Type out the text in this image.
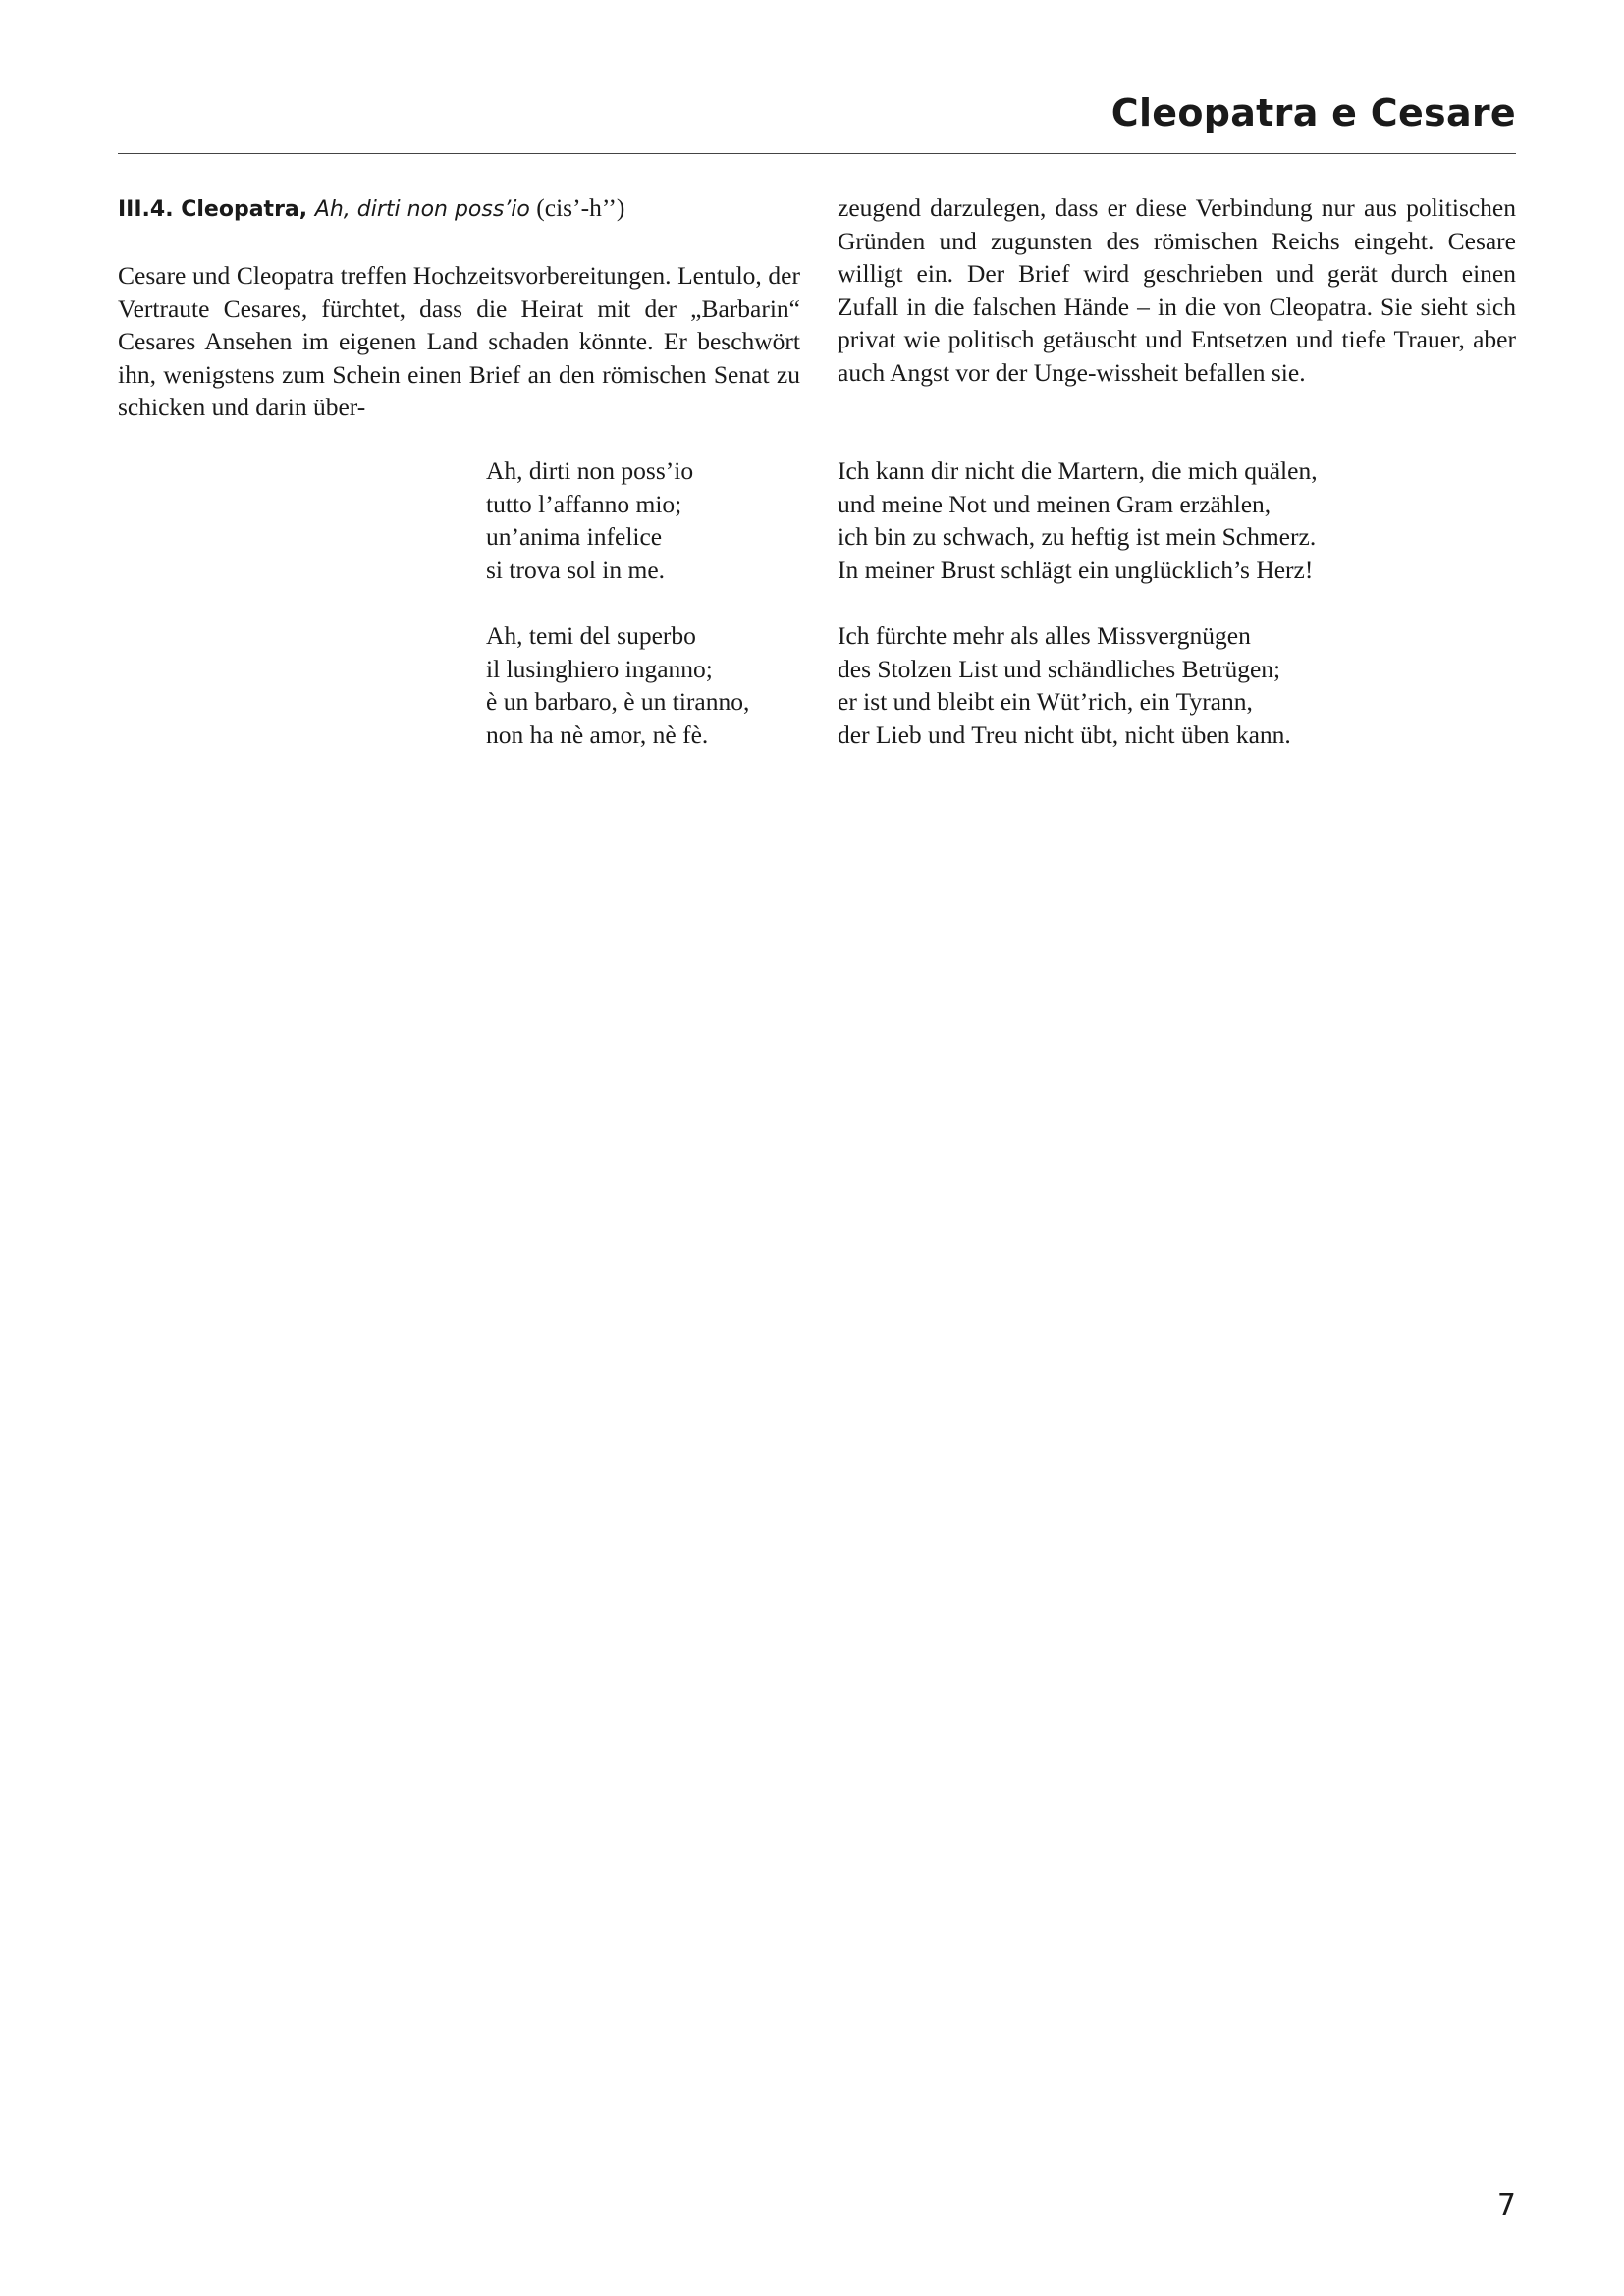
Cleopatra e Cesare
III.4. Cleopatra, Ah, dirti non poss’io (cis’-h’’)

Cesare und Cleopatra treffen Hochzeitsvorbereitungen. Lentulo, der Vertraute Cesares, fürchtet, dass die Heirat mit der „Barbarin“ Cesares Ansehen im eigenen Land schaden könnte. Er beschwört ihn, wenigstens zum Schein einen Brief an den römischen Senat zu schicken und darin über-

zeugend darzulegen, dass er diese Verbindung nur aus politischen Gründen und zugunsten des römischen Reichs eingeht. Cesare willigt ein. Der Brief wird geschrieben und gerät durch einen Zufall in die falschen Hände – in die von Cleopatra. Sie sieht sich privat wie politisch getäuscht und Entsetzen und tiefe Trauer, aber auch Angst vor der Unge-wissheit befallen sie.

Ah, dirti non poss’io
tutto l’affanno mio;
un’anima infelice
si trova sol in me.
Ah, temi del superbo
il lusinghiero inganno;
è un barbaro, è un tiranno,
non ha nè amor, nè fè.
Ich kann dir nicht die Martern, die mich quälen,
und meine Not und meinen Gram erzählen,
ich bin zu schwach, zu heftig ist mein Schmerz.
In meiner Brust schlägt ein unglücklich’s Herz!
Ich fürchte mehr als alles Missvergnügen
des Stolzen List und schändliches Betrügen;
er ist und bleibt ein Wüt’rich, ein Tyrann,
der Lieb und Treu nicht übt, nicht üben kann.
7
